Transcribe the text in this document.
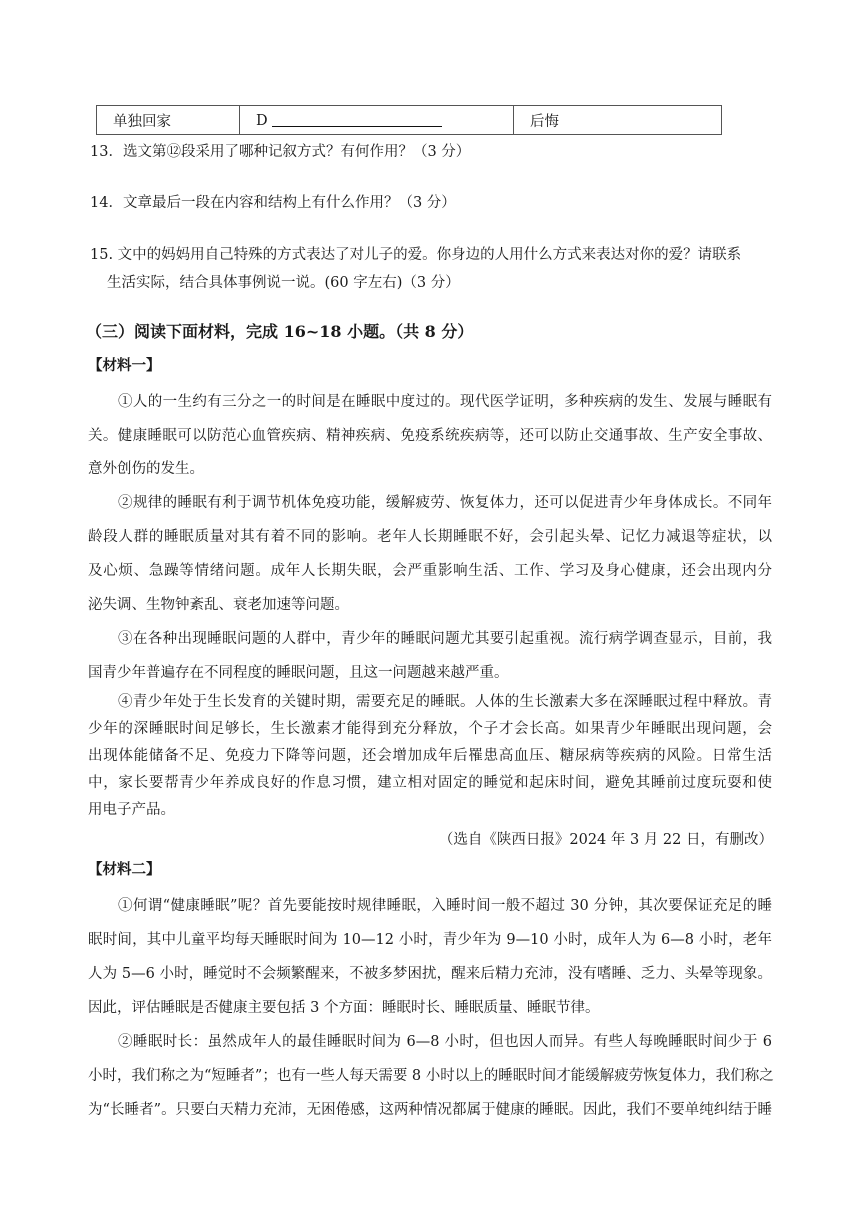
单独回家	D	后悔
13．选文第⑫段采用了哪种记叙方式？有何作用？（3 分）
14．文章最后一段在内容和结构上有什么作用？（3 分）
15. 文中的妈妈用自己特殊的方式表达了对儿子的爱。你身边的人用什么方式来表达对你的爱？请联系
生活实际，结合具体事例说一说。(60 字左右)（3 分）
（三）阅读下面材料，完成 16~18 小题。（共 8 分）
【材料一】
①人的一生约有三分之一的时间是在睡眠中度过的。现代医学证明，多种疾病的发生、发展与睡眠有
关。健康睡眠可以防范心血管疾病、精神疾病、免疫系统疾病等，还可以防止交通事故、生产安全事故、
意外创伤的发生。
②规律的睡眠有利于调节机体免疫功能，缓解疲劳、恢复体力，还可以促进青少年身体成长。不同年
龄段人群的睡眠质量对其有着不同的影响。老年人长期睡眠不好，会引起头晕、记忆力减退等症状，以
及心烦、急躁等情绪问题。成年人长期失眠，会严重影响生活、工作、学习及身心健康，还会出现内分
泌失调、生物钟紊乱、衰老加速等问题。
③在各种出现睡眠问题的人群中，青少年的睡眠问题尤其要引起重视。流行病学调查显示，目前，我
国青少年普遍存在不同程度的睡眠问题，且这一问题越来越严重。
④青少年处于生长发育的关键时期，需要充足的睡眠。人体的生长激素大多在深睡眠过程中释放。青
少年的深睡眠时间足够长，生长激素才能得到充分释放，个子才会长高。如果青少年睡眠出现问题，会
出现体能储备不足、免疫力下降等问题，还会增加成年后罹患高血压、糖尿病等疾病的风险。日常生活
中，家长要帮青少年养成良好的作息习惯，建立相对固定的睡觉和起床时间，避免其睡前过度玩耍和使
用电子产品。
（选自《陕西日报》2024 年 3 月 22 日，有删改）
【材料二】
①何谓“健康睡眠”呢？首先要能按时规律睡眠，入睡时间一般不超过 30 分钟，其次要保证充足的睡
眠时间，其中儿童平均每天睡眠时间为 10—12 小时，青少年为 9—10 小时，成年人为 6—8 小时，老年
人为 5—6 小时，睡觉时不会频繁醒来，不被多梦困扰，醒来后精力充沛，没有嗜睡、乏力、头晕等现象。
因此，评估睡眠是否健康主要包括 3 个方面：睡眠时长、睡眠质量、睡眠节律。
②睡眠时长：虽然成年人的最佳睡眠时间为 6—8 小时，但也因人而异。有些人每晚睡眠时间少于 6
小时，我们称之为“短睡者”；也有一些人每天需要 8 小时以上的睡眠时间才能缓解疲劳恢复体力，我们称之
为“长睡者”。只要白天精力充沛，无困倦感，这两种情况都属于健康的睡眠。因此，我们不要单纯纠结于睡
